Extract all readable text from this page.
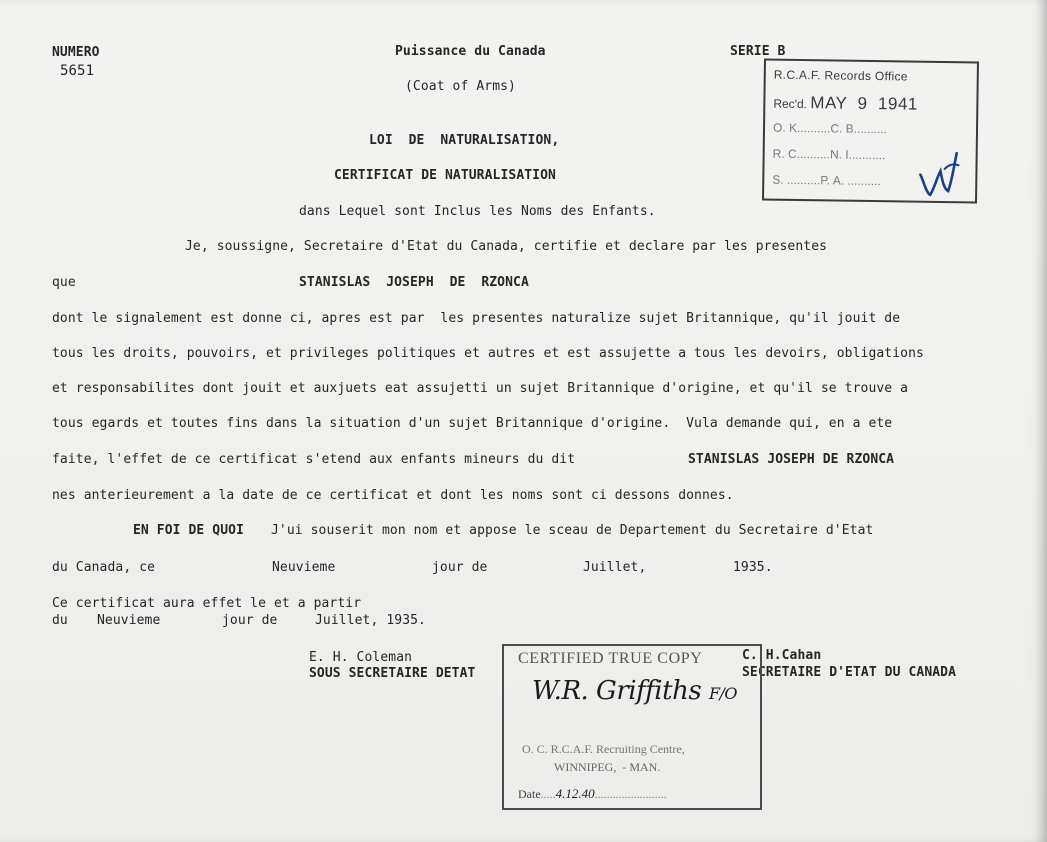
NUMERO
5651
Puissance du Canada
(Coat of Arms)
SERIE B
LOI  DE  NATURALISATION,
CERTIFICAT DE NATURALISATION
dans Lequel sont Inclus les Noms des Enfants.
R.C.A.F. Records Office
Rec'd. MAY  9  1941
O. K..........C. B..........
R. C..........N. I...........
S. ..........P. A. ..........
Je, soussigne, Secretaire d'Etat du Canada, certifie et declare par les presentes
que	STANISLAS  JOSEPH  DE  RZONCA
dont le signalement est donne ci, apres est par  les presentes naturalize sujet Britannique, qu'il jouit de
tous les droits, pouvoirs, et privileges politiques et autres et est assujette a tous les devoirs, obligations
et responsabilites dont jouit et auxjuets eat assujetti un sujet Britannique d'origine, et qu'il se trouve a
tous egards et toutes fins dans la situation d'un sujet Britannique d'origine.  Vula demande qui, en a ete
faite, l'effet de ce certificat s'etend aux enfants mineurs du dit	STANISLAS JOSEPH DE RZONCA
nes anterieurement a la date de ce certificat et dont les noms sont ci dessons donnes.
EN FOI DE QUOI J'ui souserit mon nom et appose le sceau de Departement du Secretaire d'Etat
du Canada, ce	Neuvieme	jour de	Juillet,	1935.
Ce certificat aura effet le et a partir
du Neuvieme	jour de	Juillet, 1935.
E. H. Coleman
SOUS SECRETAIRE DETAT
C. H.Cahan
SECRETAIRE D'ETAT DU CANADA
CERTIFIED TRUE COPY
W.R. Griffiths F/O
O. C. R.C.A.F. Recruiting Centre,
WINNIPEG,  - MAN.
Date.....4.12.40........................
